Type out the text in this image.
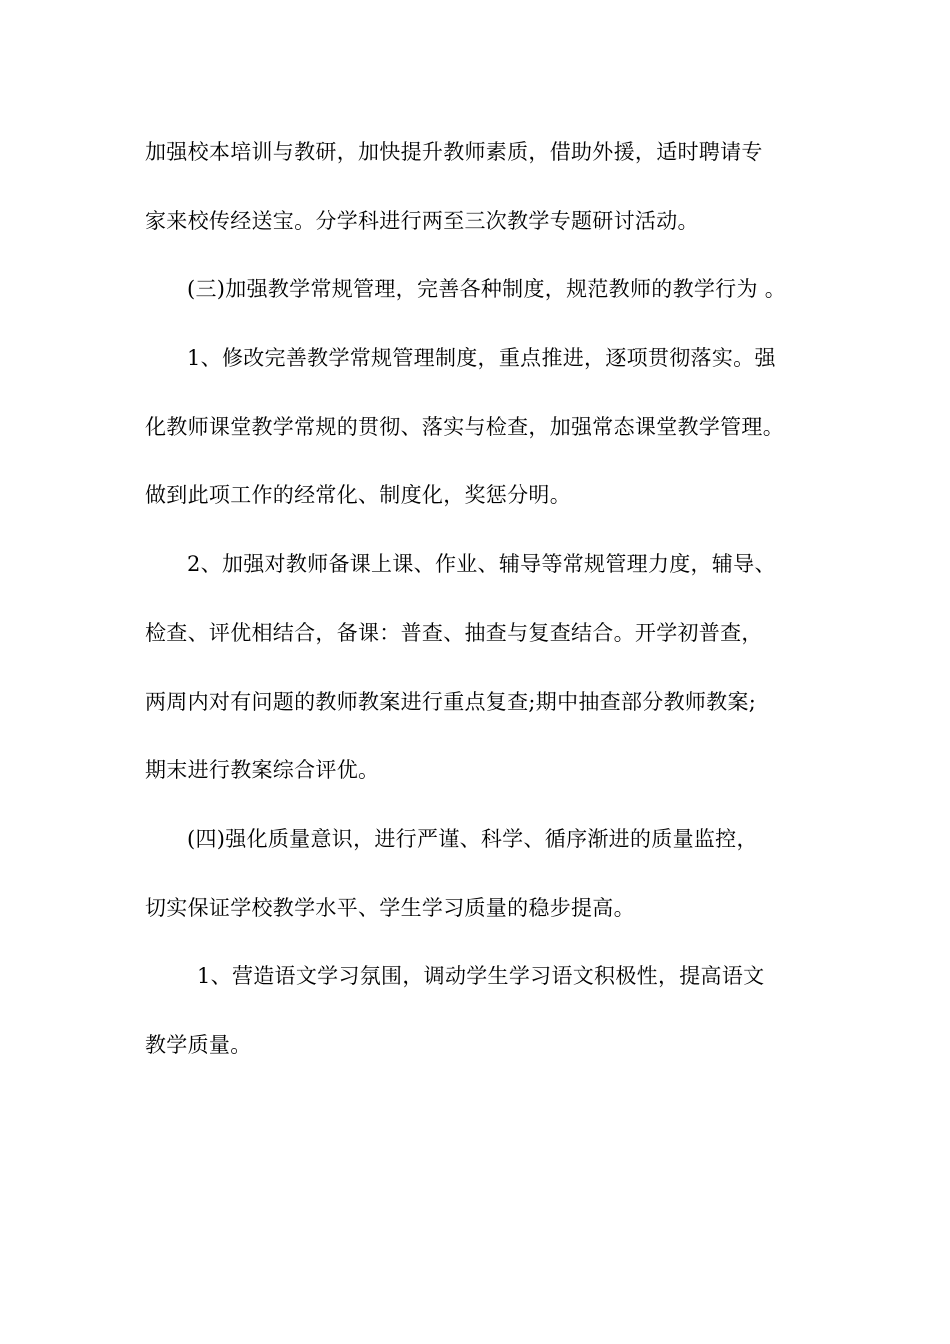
加强校本培训与教研，加快提升教师素质，借助外援，适时聘请专
家来校传经送宝。分学科进行两至三次教学专题研讨活动。
(三)加强教学常规管理，完善各种制度，规范教师的教学行为 。
1、修改完善教学常规管理制度，重点推进，逐项贯彻落实。强
化教师课堂教学常规的贯彻、落实与检查，加强常态课堂教学管理。
做到此项工作的经常化、制度化，奖惩分明。
2、加强对教师备课上课、作业、辅导等常规管理力度，辅导、
检查、评优相结合，备课：普查、抽查与复查结合。开学初普查，
两周内对有问题的教师教案进行重点复查;期中抽查部分教师教案;
期末进行教案综合评优。
(四)强化质量意识，进行严谨、科学、循序渐进的质量监控，
切实保证学校教学水平、学生学习质量的稳步提高。
1、营造语文学习氛围，调动学生学习语文积极性，提高语文
教学质量。
